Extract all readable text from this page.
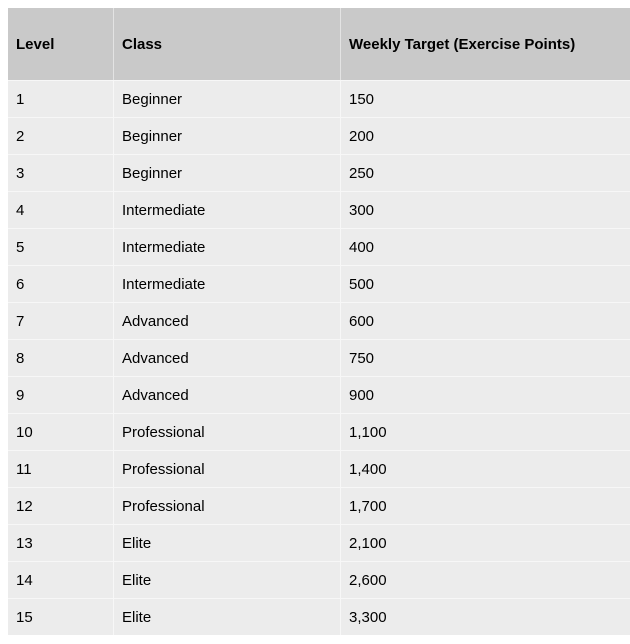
Level	Class	Weekly Target (Exercise Points)
1	Beginner	150
2	Beginner	200
3	Beginner	250
4	Intermediate	300
5	Intermediate	400
6	Intermediate	500
7	Advanced	600
8	Advanced	750
9	Advanced	900
10	Professional	1,100
11	Professional	1,400
12	Professional	1,700
13	Elite	2,100
14	Elite	2,600
15	Elite	3,300
